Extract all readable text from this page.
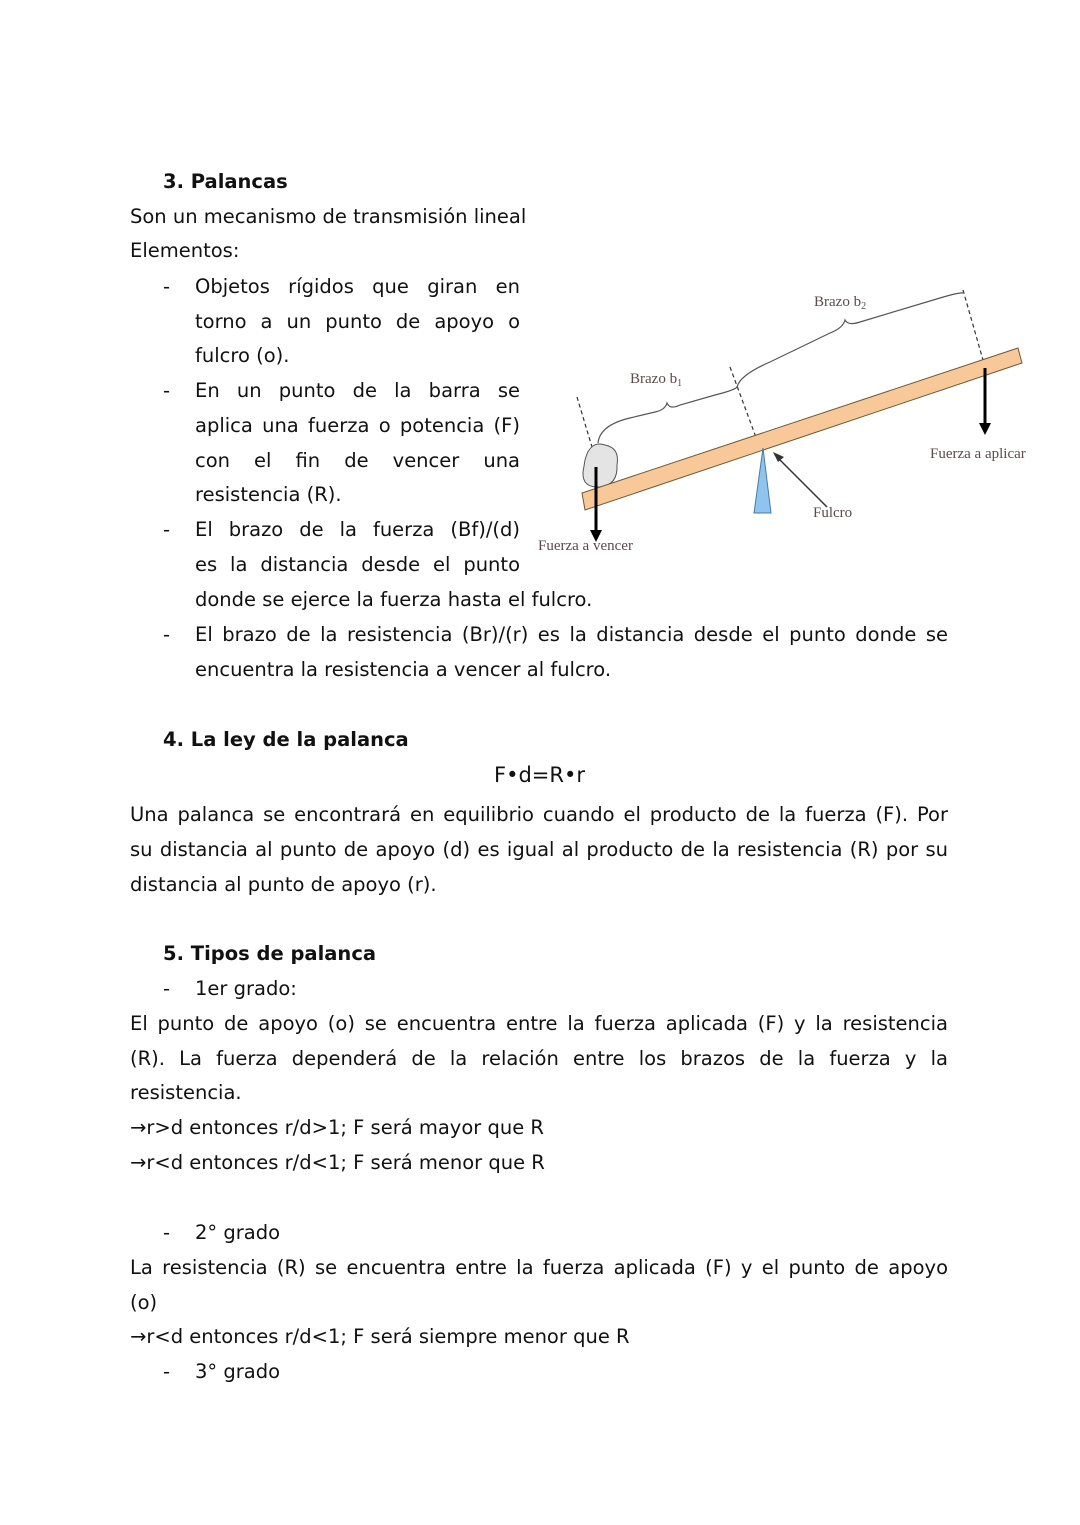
3. Palancas
Son un mecanismo de transmisión lineal
Elementos:
- Objetos rígidos que giran en
torno a un punto de apoyo o
fulcro (o).
- En un punto de la barra se
aplica una fuerza o potencia (F)
con el fin de vencer una
resistencia (R).
- El brazo de la fuerza (Bf)/(d)
es la distancia desde el punto
donde se ejerce la fuerza hasta el fulcro.
- El brazo de la resistencia (Br)/(r) es la distancia desde el punto donde se
encuentra la resistencia a vencer al fulcro.
Brazo $b_1$
Brazo $b_2$
Fuerza a aplicar
Fulcro
Fuerza a vencer
4. La ley de la palanca
F•d=R•r
Una palanca se encontrará en equilibrio cuando el producto de la fuerza (F). Por
su distancia al punto de apoyo (d) es igual al producto de la resistencia (R) por su
distancia al punto de apoyo (r).
5. Tipos de palanca
- 1er grado:
El punto de apoyo (o) se encuentra entre la fuerza aplicada (F) y la resistencia
(R). La fuerza dependerá de la relación entre los brazos de la fuerza y la
resistencia.
→r>d entonces r/d>1; F será mayor que R
→r<d entonces r/d<1; F será menor que R
- 2° grado
La resistencia (R) se encuentra entre la fuerza aplicada (F) y el punto de apoyo
(o)
→r<d entonces r/d<1; F será siempre menor que R
- 3° grado
